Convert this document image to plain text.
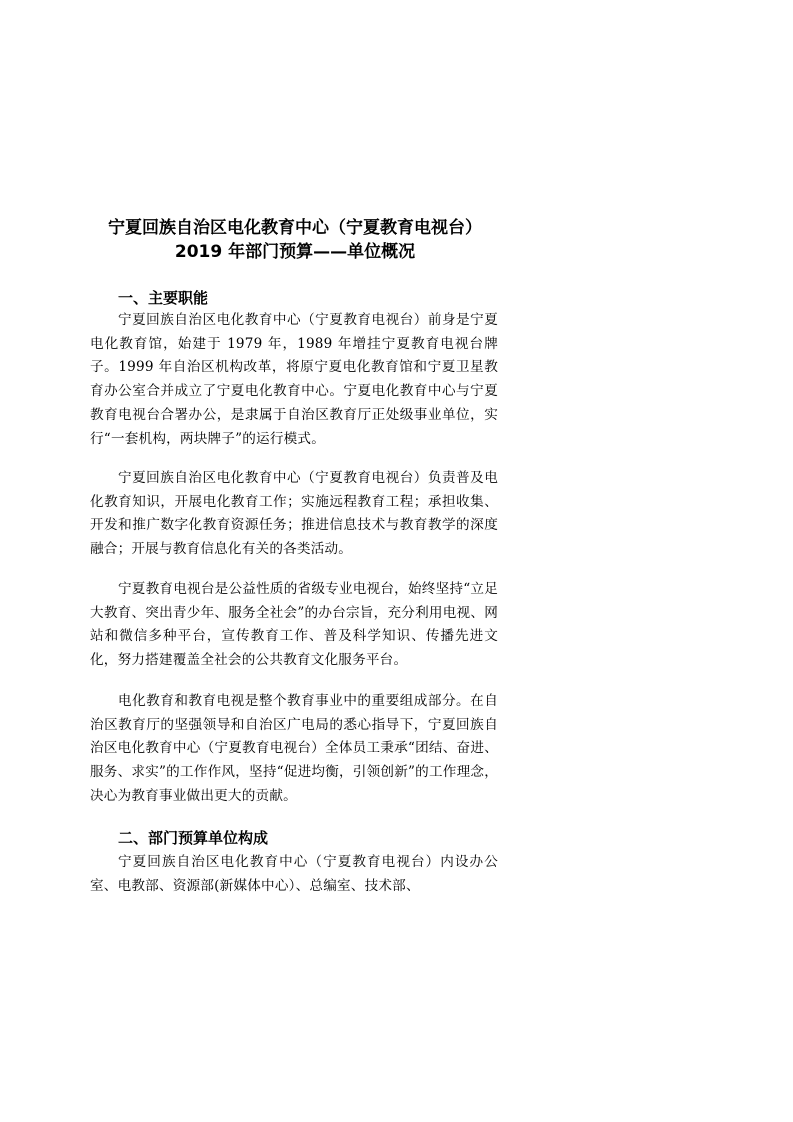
宁夏回族自治区电化教育中心（宁夏教育电视台）
2019 年部门预算——单位概况
一、主要职能
宁夏回族自治区电化教育中心（宁夏教育电视台）前身是宁夏电化教育馆，始建于 1979 年，1989 年增挂宁夏教育电视台牌子。1999 年自治区机构改革，将原宁夏电化教育馆和宁夏卫星教育办公室合并成立了宁夏电化教育中心。宁夏电化教育中心与宁夏教育电视台合署办公，是隶属于自治区教育厅正处级事业单位，实行“一套机构，两块牌子”的运行模式。
宁夏回族自治区电化教育中心（宁夏教育电视台）负责普及电化教育知识，开展电化教育工作；实施远程教育工程；承担收集、开发和推广数字化教育资源任务；推进信息技术与教育教学的深度融合；开展与教育信息化有关的各类活动。
宁夏教育电视台是公益性质的省级专业电视台，始终坚持“立足大教育、突出青少年、服务全社会”的办台宗旨，充分利用电视、网站和微信多种平台，宣传教育工作、普及科学知识、传播先进文化，努力搭建覆盖全社会的公共教育文化服务平台。
电化教育和教育电视是整个教育事业中的重要组成部分。在自治区教育厅的坚强领导和自治区广电局的悉心指导下，宁夏回族自治区电化教育中心（宁夏教育电视台）全体员工秉承“团结、奋进、服务、求实”的工作作风，坚持“促进均衡，引领创新”的工作理念，决心为教育事业做出更大的贡献。
二、部门预算单位构成
宁夏回族自治区电化教育中心（宁夏教育电视台）内设办公室、电教部、资源部(新媒体中心）、总编室、技术部、
